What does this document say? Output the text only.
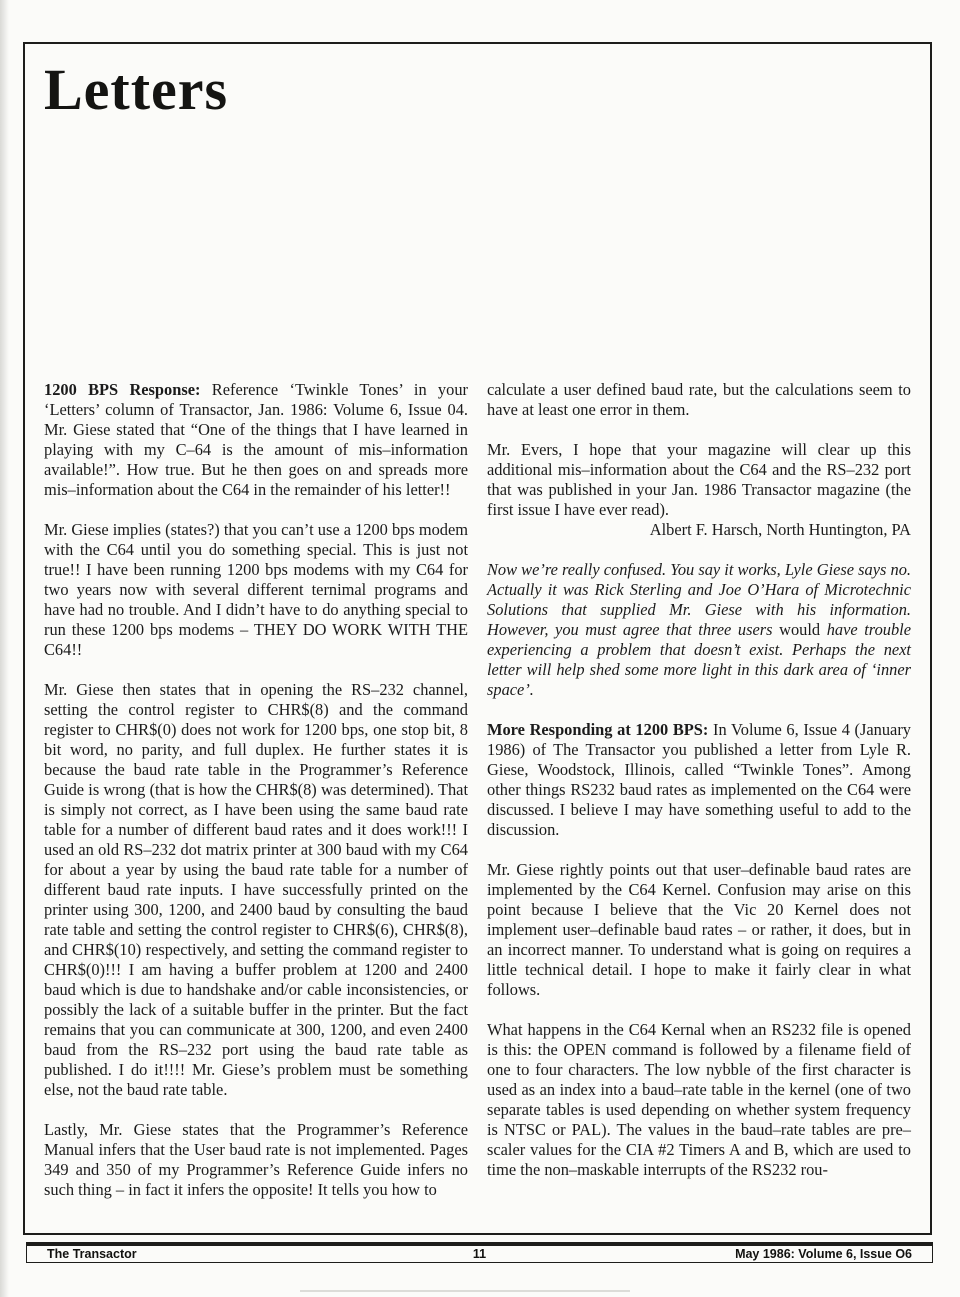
Letters

1200 BPS Response: Reference ‘Twinkle Tones’ in your ‘Letters’ column of Transactor, Jan. 1986: Volume 6, Issue 04. Mr. Giese stated that “One of the things that I have learned in playing with my C–64 is the amount of mis–information available!”. How true. But he then goes on and spreads more mis–information about the C64 in the remainder of his letter!!

Mr. Giese implies (states?) that you can’t use a 1200 bps modem with the C64 until you do something special. This is just not true!! I have been running 1200 bps modems with my C64 for two years now with several different ternimal programs and have had no trouble. And I didn’t have to do anything special to run these 1200 bps modems – THEY DO WORK WITH THE C64!!

Mr. Giese then states that in opening the RS–232 channel, setting the control register to CHR$(8) and the command register to CHR$(0) does not work for 1200 bps, one stop bit, 8 bit word, no parity, and full duplex. He further states it is because the baud rate table in the Programmer’s Reference Guide is wrong (that is how the CHR$(8) was determined). That is simply not correct, as I have been using the same baud rate table for a number of different baud rates and it does work!!! I used an old RS–232 dot matrix printer at 300 baud with my C64 for about a year by using the baud rate table for a number of different baud rate inputs. I have successfully printed on the printer using 300, 1200, and 2400 baud by consulting the baud rate table and setting the control register to CHR$(6), CHR$(8), and CHR$(10) respectively, and setting the command register to CHR$(0)!!! I am having a buffer problem at 1200 and 2400 baud which is due to handshake and/or cable inconsistencies, or possibly the lack of a suitable buffer in the printer. But the fact remains that you can communicate at 300, 1200, and even 2400 baud from the RS–232 port using the baud rate table as published. I do it!!!! Mr. Giese’s problem must be something else, not the baud rate table.

Lastly, Mr. Giese states that the Programmer’s Reference Manual infers that the User baud rate is not implemented. Pages 349 and 350 of my Programmer’s Reference Guide infers no such thing – in fact it infers the opposite! It tells you how to

calculate a user defined baud rate, but the calculations seem to have at least one error in them.

Mr. Evers, I hope that your magazine will clear up this additional mis–information about the C64 and the RS–232 port that was published in your Jan. 1986 Transactor magazine (the first issue I have ever read).

Albert F. Harsch, North Huntington, PA

Now we’re really confused. You say it works, Lyle Giese says no. Actually it was Rick Sterling and Joe O’Hara of Microtechnic Solutions that supplied Mr. Giese with his information. However, you must agree that three users would have trouble experiencing a problem that doesn’t exist. Perhaps the next letter will help shed some more light in this dark area of ‘inner space’.

More Responding at 1200 BPS: In Volume 6, Issue 4 (January 1986) of The Transactor you published a letter from Lyle R. Giese, Woodstock, Illinois, called “Twinkle Tones”. Among other things RS232 baud rates as implemented on the C64 were discussed. I believe I may have something useful to add to the discussion.

Mr. Giese rightly points out that user–definable baud rates are implemented by the C64 Kernel. Confusion may arise on this point because I believe that the Vic 20 Kernel does not implement user–definable baud rates – or rather, it does, but in an incorrect manner. To understand what is going on requires a little technical detail. I hope to make it fairly clear in what follows.

What happens in the C64 Kernal when an RS232 file is opened is this: the OPEN command is followed by a filename field of one to four characters. The low nybble of the first character is used as an index into a baud–rate table in the kernel (one of two separate tables is used depending on whether system frequency is NTSC or PAL). The values in the baud–rate tables are pre–scaler values for the CIA #2 Timers A and B, which are used to time the non–maskable interrupts of the RS232 rou-

The Transactor	11	May 1986: Volume 6, Issue O6
